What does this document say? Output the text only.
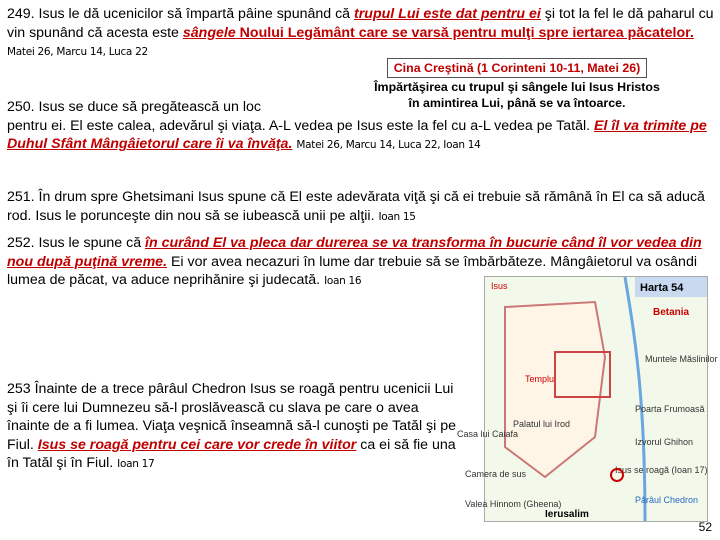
249. Isus le dă ucenicilor să împartă pâine spunând că trupul Lui este dat pentru ei şi tot la fel le dă paharul cu vin spunând că acesta este sângele Noului Legământ care se varsă pentru mulţi spre iertarea păcatelor. Matei 26, Marcu 14, Luca 22
Cina Creştină (1 Corinteni 10-11, Matei 26)
Împărtăşirea cu trupul şi sângele lui Isus Hristos
în amintirea Lui, până se va întoarce.
250. Isus se duce să pregătească un loc
pentru ei. El este calea, adevărul şi viaţa. A-L vedea pe Isus este la fel cu a-L vedea pe Tatăl. El îl va trimite pe Duhul Sfânt Mângâietorul care îi va învăţa. Matei 26, Marcu 14, Luca 22, Ioan 14
251. În drum spre Ghetsimani Isus spune că El este adevărata viţă şi că ei trebuie să rămână în El ca să aducă rod. Isus le porunceşte din nou să se iubească unii pe alţii. Ioan 15
252. Isus le spune că în curând El va pleca dar durerea se va transforma în bucurie când îl vor vedea din nou după puţină vreme. Ei vor avea necazuri în lume dar trebuie să se îmbărbăteze. Mângâietorul va osândi lumea de păcat, va aduce neprihănire şi judecată. Ioan 16
253 Înainte de a trece pârâul Chedron Isus se roagă pentru ucenicii Lui şi îi cere lui Dumnezeu să-l proslăvească cu slava pe care o avea înainte de a fi lumea. Viaţa veşnică înseamnă să-l cunoşti pe Tatăl şi pe Fiul. Isus se roagă pentru cei care vor crede în viitor ca ei să fie una în Tatăl şi în Fiul. Ioan 17
Harta 54
Isus
Betania
Muntele Măslinilor
Templu
Poarta Frumoasă
Palatul lui Irod
Izvorul Ghihon
Casa lui Caiafa
Isus se roagă (Ioan 17)
Camera de sus
Valea Hinnom (Gheena)
Ierusalim
Pârâul Chedron
52
